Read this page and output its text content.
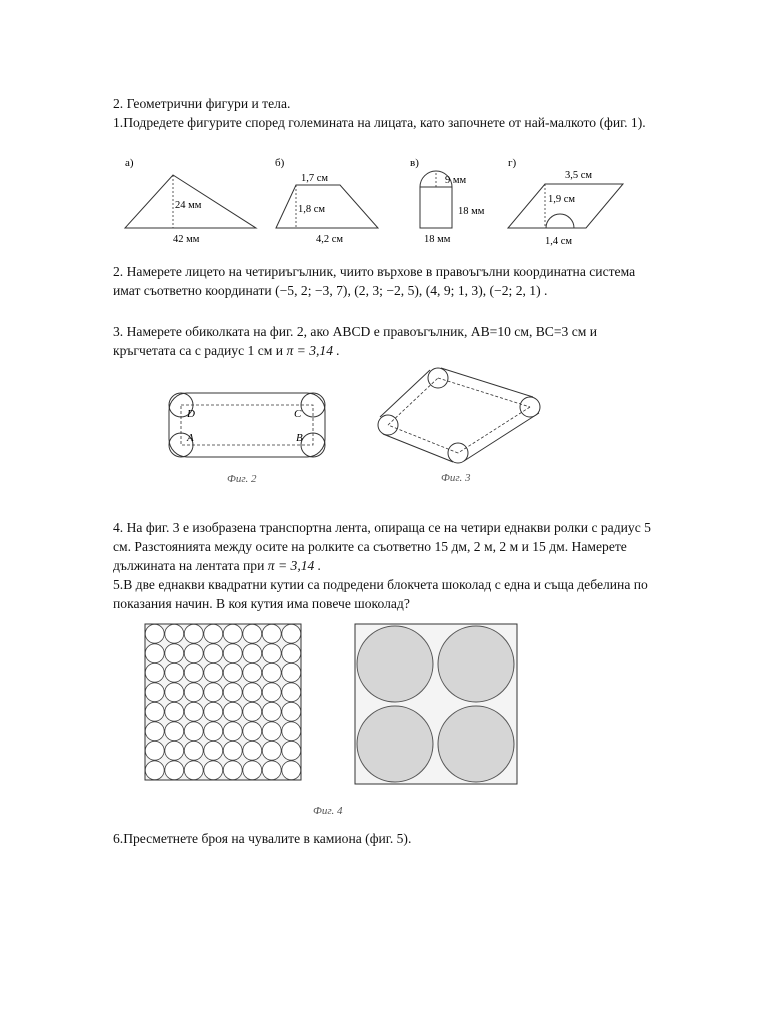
2. Геометрични фигури и тела.

1.Подредете фигурите според големината на лицата, като започнете от най-малкото (фиг. 1).

а)
24 мм
42 мм
б)
1,7 см
1,8 см
4,2 см
в)
9 мм
18 мм
18 мм
г)
3,5 см
1,9 см
1,4 см

2. Намерете лицето на четириъгълник, чиито върхове в правоъгълни координатна система имат съответно координати (−5, 2; −3, 7), (2, 3; −2, 5), (4, 9; 1, 3), (−2; 2, 1) .

3. Намерете обиколката на фиг. 2, ако ABCD е правоъгълник, AB=10 см, BC=3 см и кръгчетата са с радиус 1 см и π = 3,14 .

D	C
A	B
Фиг. 2	Фиг. 3

4. На фиг. 3 е изобразена транспортна лента, опираща се на четири еднакви ролки с радиус 5 см. Разстоянията между осите на ролките са съответно 15 дм, 2 м, 2 м и 15 дм. Намерете дължината на лентата при π = 3,14 .

5.В две еднакви квадратни кутии са подредени блокчета шоколад с една и съща дебелина по показания начин. В коя кутия има повече шоколад?

Фиг. 4

6.Пресметнете броя на чувалите в камиона (фиг. 5).
